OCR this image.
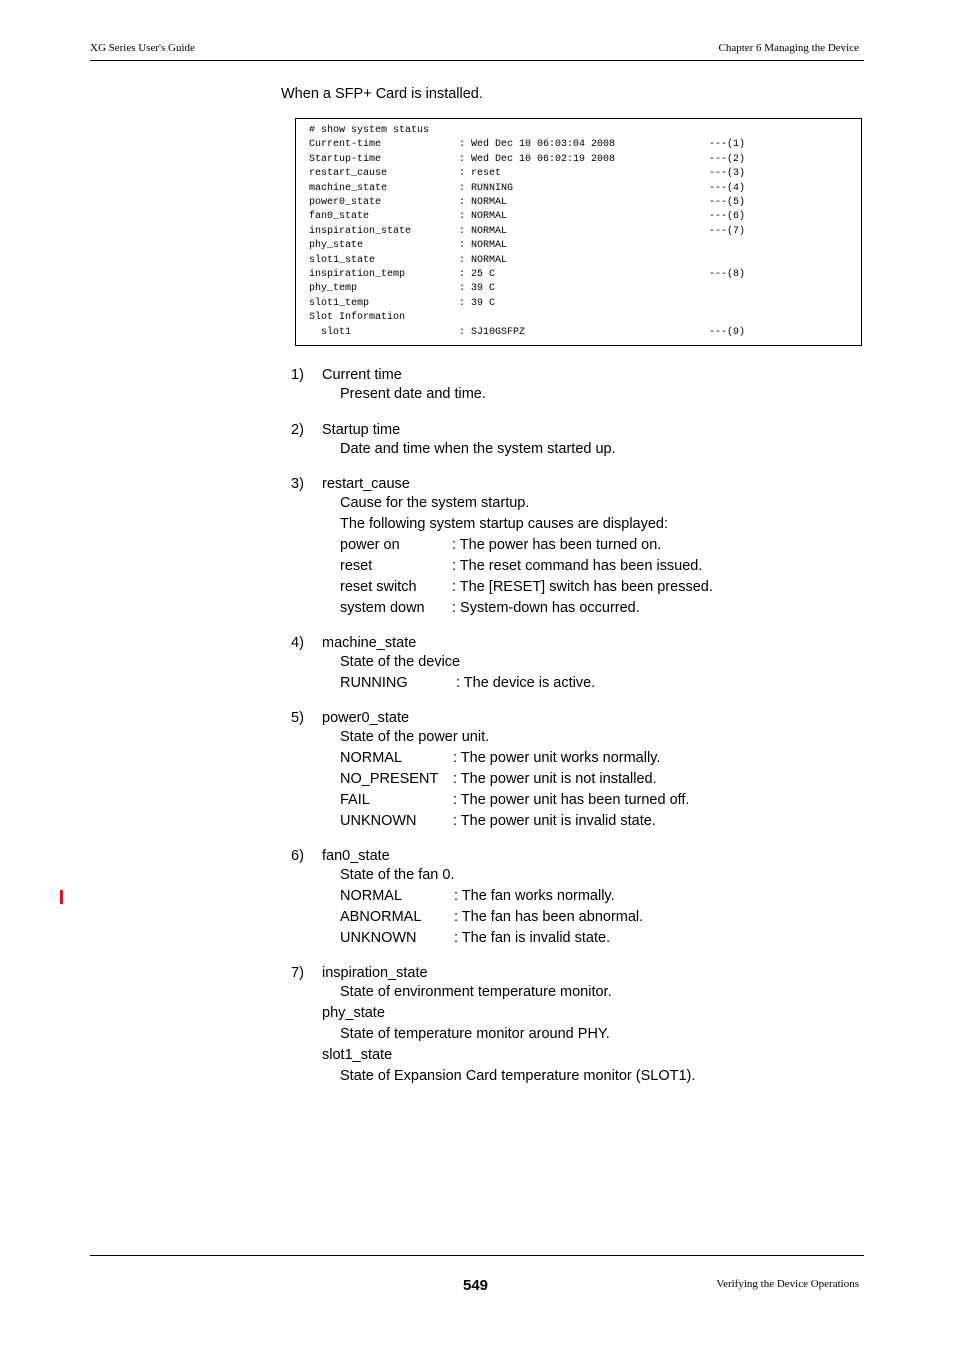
XG Series User's Guide	Chapter 6 Managing the Device
When a SFP+ Card is installed.
# show system status
Current-time	: Wed Dec 10 06:03:04 2008	---(1)
Startup-time	: Wed Dec 10 06:02:19 2008	---(2)
restart_cause	: reset	---(3)
machine_state	: RUNNING	---(4)
power0_state	: NORMAL	---(5)
fan0_state	: NORMAL	---(6)
inspiration_state	: NORMAL	---(7)
phy_state	: NORMAL
slot1_state	: NORMAL
inspiration_temp	: 25 C	---(8)
phy_temp	: 39 C
slot1_temp	: 39 C
Slot Information
slot1	: SJ10GSFPZ	---(9)
1) Current time
Present date and time.
2) Startup time
Date and time when the system started up.
3) restart_cause
Cause for the system startup.
The following system startup causes are displayed:
power on	: The power has been turned on.
reset	: The reset command has been issued.
reset switch : The [RESET] switch has been pressed.
system down : System-down has occurred.
4) machine_state
State of the device
RUNNING	: The device is active.
5) power0_state
State of the power unit.
NORMAL	: The power unit works normally.
NO_PRESENT : The power unit is not installed.
FAIL	: The power unit has been turned off.
UNKNOWN	: The power unit is invalid state.
6) fan0_state
State of the fan 0.
NORMAL	: The fan works normally.
ABNORMAL : The fan has been abnormal.
UNKNOWN	: The fan is invalid state.
7) inspiration_state
State of environment temperature monitor.
phy_state
State of temperature monitor around PHY.
slot1_state
State of Expansion Card temperature monitor (SLOT1).
549	Verifying the Device Operations
